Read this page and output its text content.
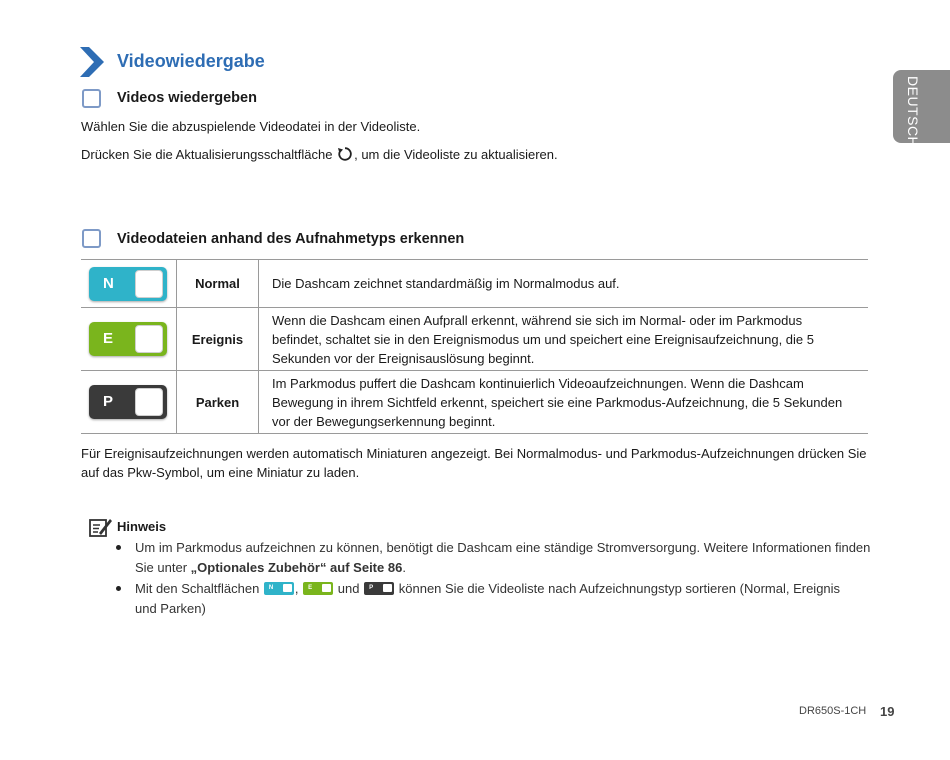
DEUTSCH
Videowiedergabe
Videos wiedergeben
Wählen Sie die abzuspielende Videodatei in der Videoliste.
Drücken Sie die Aktualisierungsschaltfläche , um die Videoliste zu aktualisieren.
Videodateien anhand des Aufnahmetyps erkennen
N	Normal	Die Dashcam zeichnet standardmäßig im Normalmodus auf.

E	Ereignis	Wenn die Dashcam einen Aufprall erkennt, während sie sich im Normal- oder im Parkmodus befindet, schaltet sie in den Ereignismodus um und speichert eine Ereignisaufzeichnung, die 5 Sekunden vor der Ereignisauslösung beginnt.

P	Parken	Im Parkmodus puffert die Dashcam kontinuierlich Videoaufzeichnungen. Wenn die Dashcam Bewegung in ihrem Sichtfeld erkennt, speichert sie eine Parkmodus-Aufzeichnung, die 5 Sekunden vor der Bewegungserkennung beginnt.
Für Ereignisaufzeichnungen werden automatisch Miniaturen angezeigt. Bei Normalmodus- und Parkmodus-Aufzeichnungen drücken Sie
auf das Pkw-Symbol, um eine Miniatur zu laden.
Hinweis
Um im Parkmodus aufzeichnen zu können, benötigt die Dashcam eine ständige Stromversorgung. Weitere Informationen finden
Sie unter „Optionales Zubehör“ auf Seite 86.
Mit den Schaltflächen N , E und P können Sie die Videoliste nach Aufzeichnungstyp sortieren (Normal, Ereignis
und Parken)
DR650S-1CH 19
